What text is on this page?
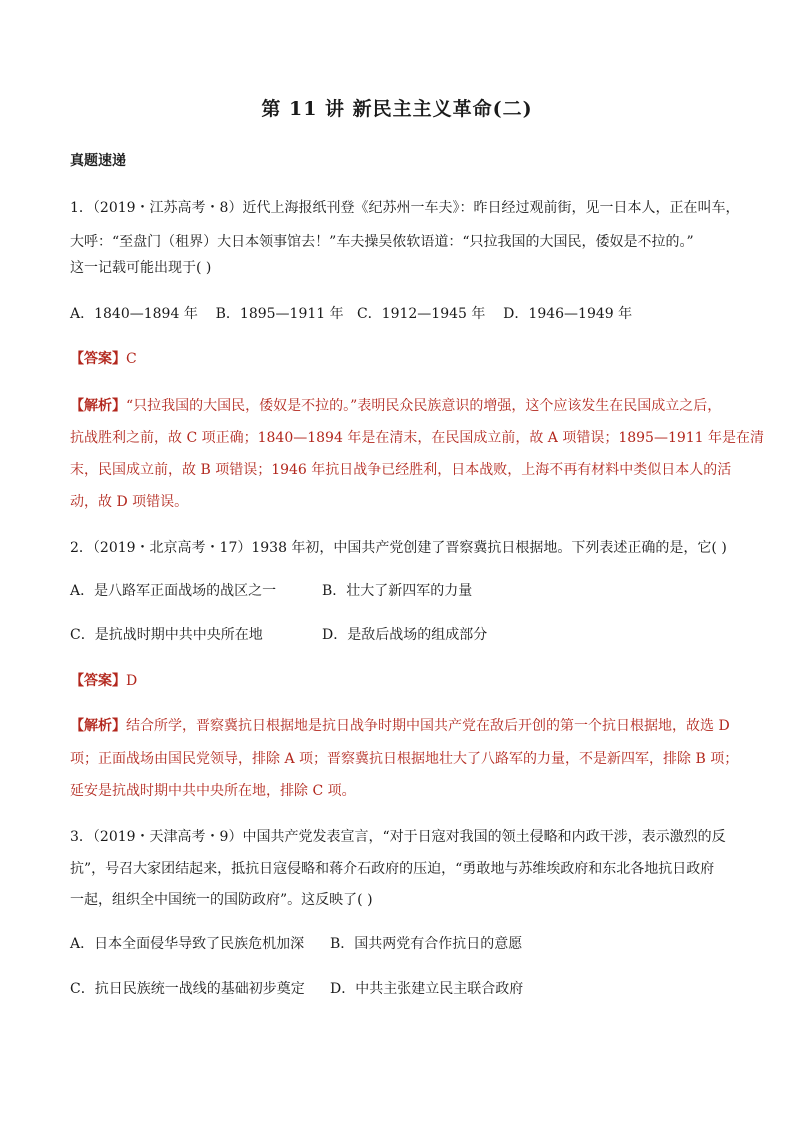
第 11 讲 新民主主义革命(二)
真题速递
1．（2019・江苏高考・8）近代上海报纸刊登《纪苏州一车夫》：昨日经过观前街，见一日本人，正在叫车，
大呼：“至盘门（租界）大日本领事馆去！”车夫操吴侬软语道：“只拉我国的大国民，倭奴是不拉的。”
这一记载可能出现于( )
A．1840—1894 年    B．1895—1911 年   C．1912—1945 年    D．1946—1949 年
【答案】C
【解析】“只拉我国的大国民，倭奴是不拉的。”表明民众民族意识的增强，这个应该发生在民国成立之后，
抗战胜利之前，故 C 项正确；1840—1894 年是在清末，在民国成立前，故 A 项错误；1895—1911 年是在清
末，民国成立前，故 B 项错误；1946 年抗日战争已经胜利，日本战败，上海不再有材料中类似日本人的活
动，故 D 项错误。
2．（2019・北京高考・17）1938 年初，中国共产党创建了晋察冀抗日根据地。下列表述正确的是，它( )
A．是八路军正面战场的战区之一	B．壮大了新四军的力量
C．是抗战时期中共中央所在地	D．是敌后战场的组成部分
【答案】D
【解析】结合所学，晋察冀抗日根据地是抗日战争时期中国共产党在敌后开创的第一个抗日根据地，故选 D
项；正面战场由国民党领导，排除 A 项；晋察冀抗日根据地壮大了八路军的力量，不是新四军，排除 B 项；
延安是抗战时期中共中央所在地，排除 C 项。
3．（2019・天津高考・9）中国共产党发表宣言，“对于日寇对我国的领土侵略和内政干涉，表示激烈的反
抗”，号召大家团结起来，抵抗日寇侵略和蒋介石政府的压迫，“勇敢地与苏维埃政府和东北各地抗日政府
一起，组织全中国统一的国防政府”。这反映了( )
A．日本全面侵华导致了民族危机加深 B．国共两党有合作抗日的意愿
C．抗日民族统一战线的基础初步奠定 D．中共主张建立民主联合政府
